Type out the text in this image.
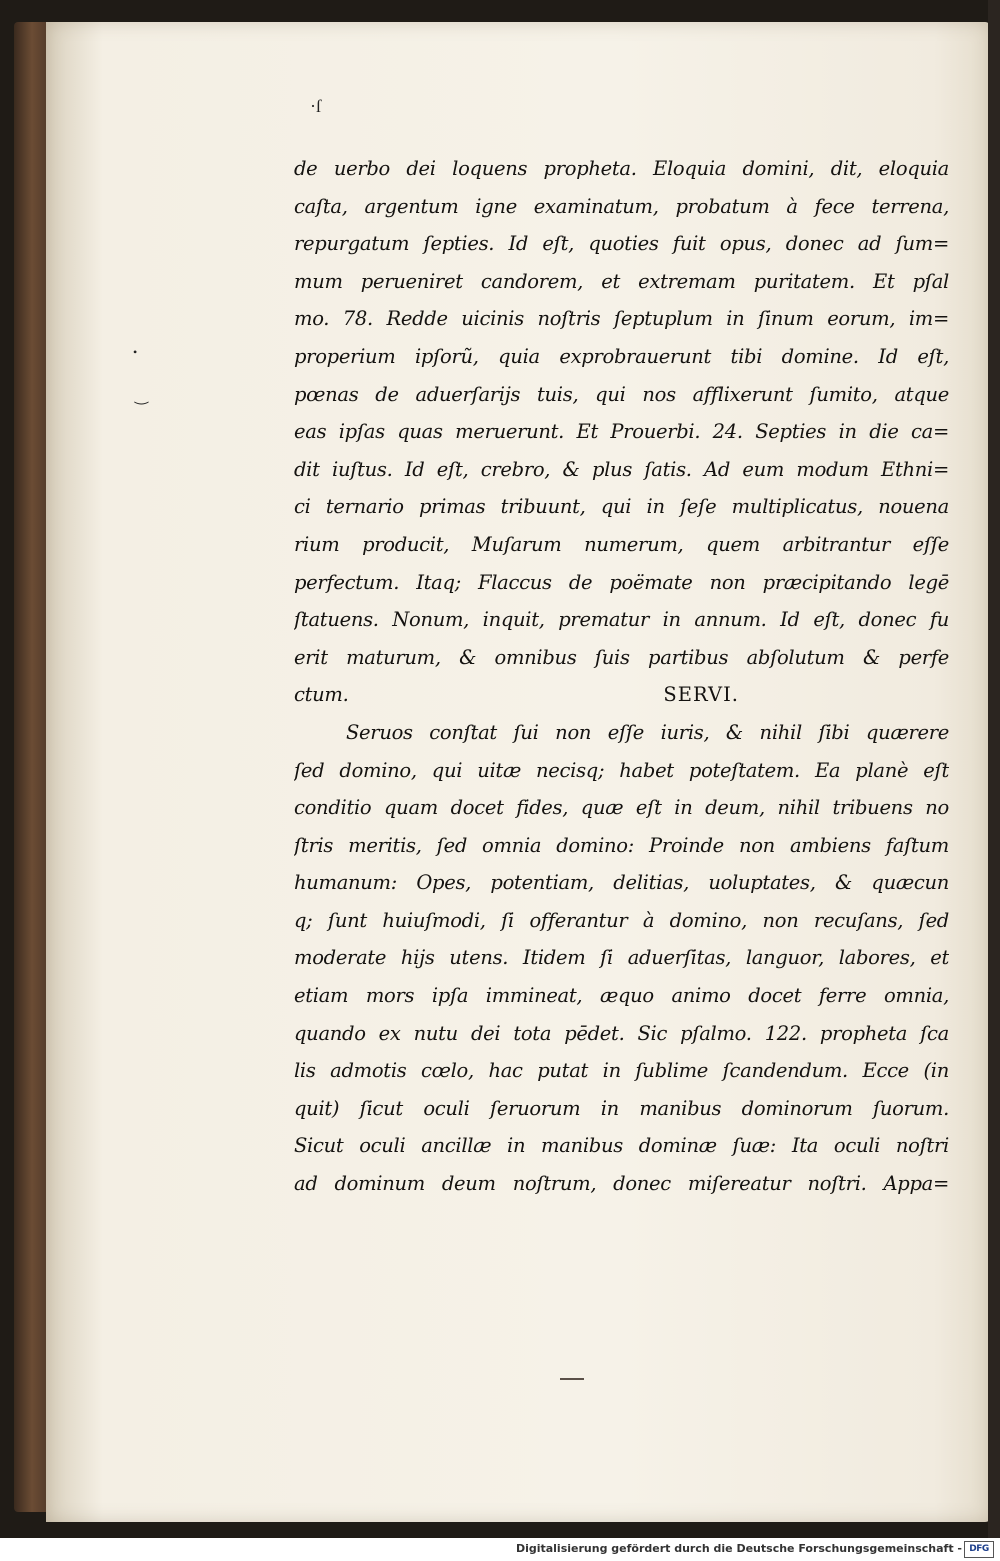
·ſ
•
‿
de uerbo dei loquens propheta. Eloquia domini, dit, eloquia
caſta, argentum igne examinatum, probatum à fece terrena,
repurgatum ſepties. Id eſt, quoties fuit opus, donec ad ſum=
mum perueniret candorem, et extremam puritatem. Et pſal
mo. 78. Redde uicinis noſtris ſeptuplum in ſinum eorum, im=
properium ipſorũ, quia exprobrauerunt tibi domine. Id eſt,
pœnas de aduerſarijs tuis, qui nos afflixerunt ſumito, atque
eas ipſas quas meruerunt. Et Prouerbi. 24. Septies in die ca=
dit iuſtus. Id eſt, crebro, & plus ſatis. Ad eum modum Ethni=
ci ternario primas tribuunt, qui in ſeſe multiplicatus, nouena
rium producit, Muſarum numerum, quem arbitrantur eſſe
perfectum. Itaq; Flaccus de poëmate non præcipitando legē
ſtatuens. Nonum, inquit, prematur in annum. Id eſt, donec fu
erit maturum, & omnibus ſuis partibus abſolutum & perfe
ctum.	SERVI.
Seruos conſtat ſui non eſſe iuris, & nihil ſibi quærere
ſed domino, qui uitæ necisq; habet poteſtatem. Ea planè eſt
conditio quam docet fides, quæ eſt in deum, nihil tribuens no
ſtris meritis, ſed omnia domino: Proinde non ambiens faſtum
humanum: Opes, potentiam, delitias, uoluptates, & quæcun
q; ſunt huiuſmodi, ſi offerantur à domino, non recuſans, ſed
moderate hijs utens. Itidem ſi aduerſitas, languor, labores, et
etiam mors ipſa immineat, æquo animo docet ferre omnia,
quando ex nutu dei tota pēdet. Sic pſalmo. 122. propheta ſca
lis admotis cœlo, hac putat in ſublime ſcandendum. Ecce (in
quit) ſicut oculi ſeruorum in manibus dominorum ſuorum.
Sicut oculi ancillæ in manibus dominæ ſuæ: Ita oculi noſtri
ad dominum deum noſtrum, donec miſereatur noſtri. Appa=
Digitalisierung gefördert durch die Deutsche Forschungsgemeinschaft - DFG
